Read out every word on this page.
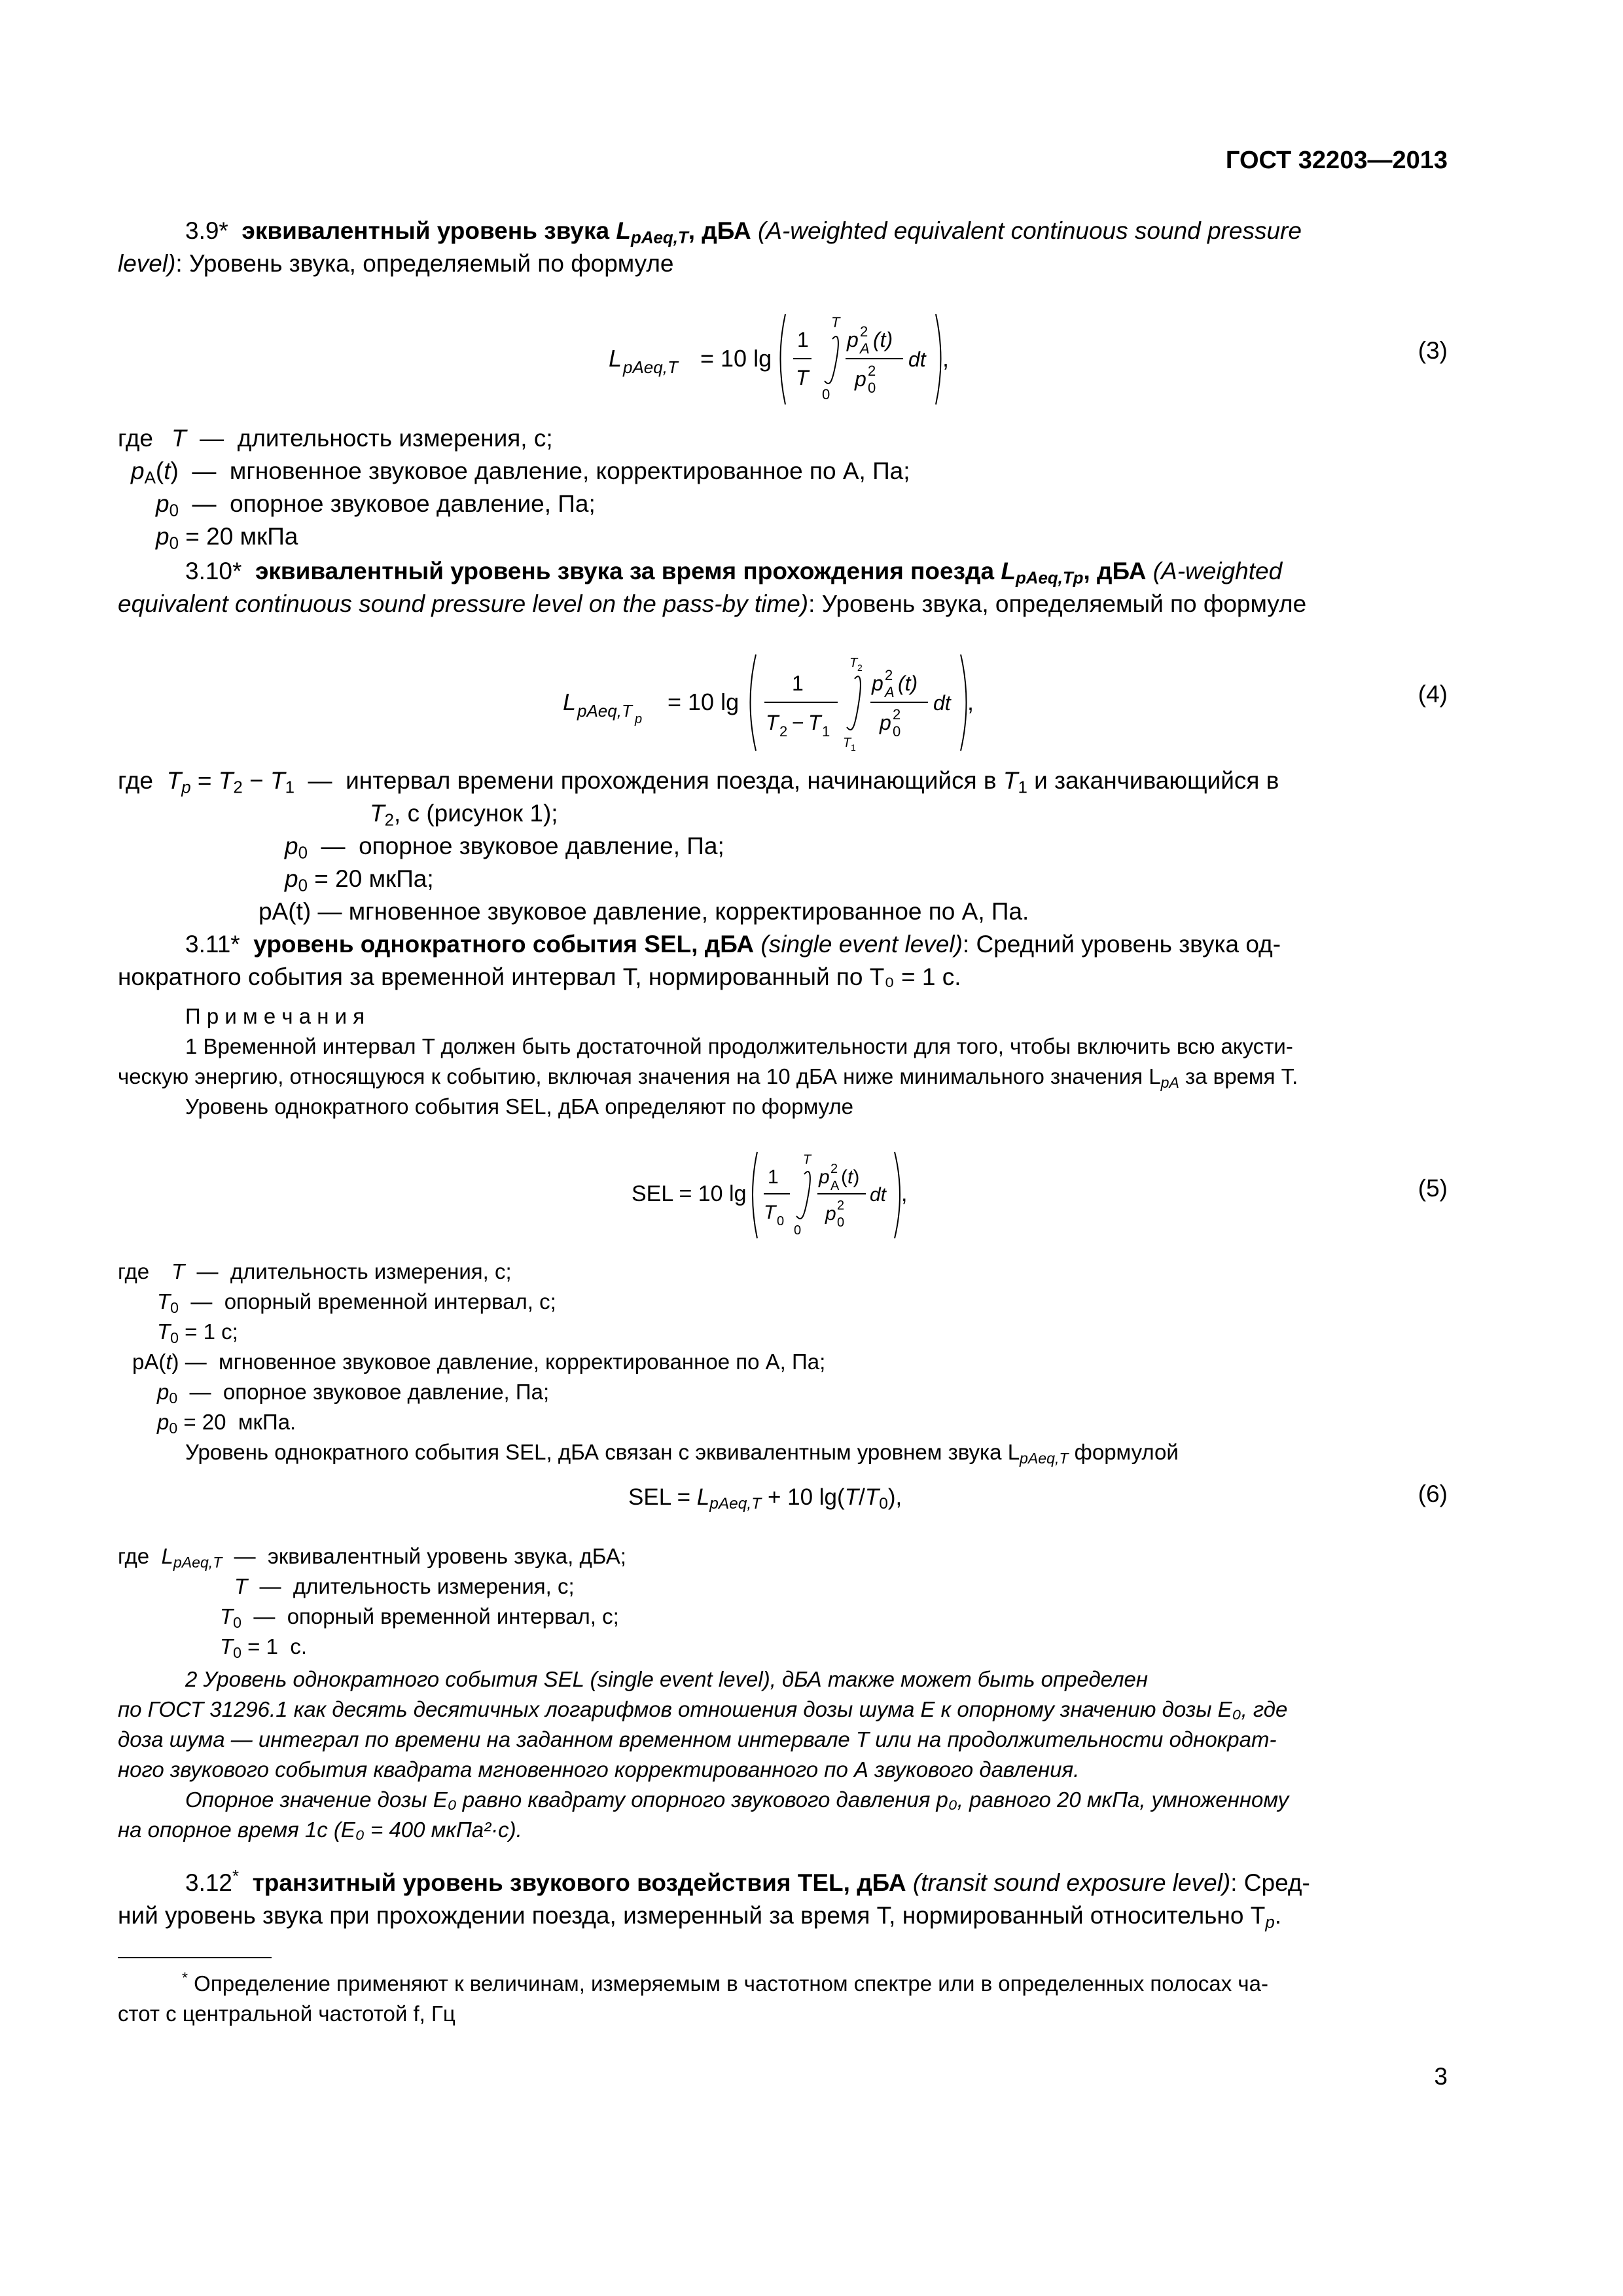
ГОСТ 32203—2013
3.9* эквивалентный уровень звука $L_{pAeq,T}$, дБА (A-weighted equivalent continuous sound pressure
level): Уровень звука, определяемый по формуле
L pAeq,T = 10 lg
1
T
T
0
p 2
A (t)
p 2
0
dt ,	(3)
где T  —  длительность измерения, с;
$p_A(t)$  —  мгновенное звуковое давление, корректированное по А, Па;
$p_0$  —  опорное звуковое давление, Па;
$p_0 = 20$ мкПа
3.10* эквивалентный уровень звука за время прохождения поезда $L_{pAeq,Tp}$, дБА (A-weighted
equivalent continuous sound pressure level on the pass-by time): Уровень звука, определяемый по формуле
L pAeq,T p
= 10 lg
1
T 2 − T 1
T 2
T 1
p 2
A (t)
p 2
0
dt ,	(4)
где $T_p = T_2 - T_1$  —  интервал времени прохождения поезда, начинающийся в $T_1$ и заканчивающийся в
$T_2$, с (рисунок 1);
$p_0$  —  опорное звуковое давление, Па;
$p_0 = 20$ мкПа;
pA(t) — мгновенное звуковое давление, корректированное по А, Па.
3.11* уровень однократного события SEL, дБА (single event level): Средний уровень звука од-
нократного события за временной интервал T, нормированный по T₀ = 1 с.
П р и м е ч а н и я
1 Временной интервал T должен быть достаточной продолжительности для того, чтобы включить всю акусти-
ческую энергию, относящуюся к событию, включая значения на 10 дБА ниже минимального значения $L_{pA}$ за время T.
Уровень однократного события SEL, дБА определяют по формуле
SEL = 10 lg
1
T 0
T
0
p 2
A (t)
p 2
0
dt ,	(5)
где T  —  длительность измерения, с;
$T_0$  —  опорный временной интервал, с;
$T_0 = 1$ с;
pA(t) —  мгновенное звуковое давление, корректированное по А, Па;
$p_0$  —  опорное звуковое давление, Па;
$p_0 = 20$  мкПа.
Уровень однократного события SEL, дБА связан с эквивалентным уровнем звука $L_{pAeq,T}$ формулой
SEL = $L_{pAeq,T} + 10$ $\lg(T/T_0)$,	(6)
где $L_{pAeq,T}$  —  эквивалентный уровень звука, дБА;
T  —  длительность измерения, с;
$T_0$  —  опорный временной интервал, с;
$T_0 = 1$  с.
2 Уровень однократного события SEL (single event level), дБА также может быть определен
по ГОСТ 31296.1 как десять десятичных логарифмов отношения дозы шума E к опорному значению дозы E₀, где
доза шума — интеграл по времени на заданном временном интервале T или на продолжительности однократ-
ного звукового события квадрата мгновенного корректированного по А звукового давления.
Опорное значение дозы E₀ равно квадрату опорного звукового давления p₀, равного 20 мкПа, умноженному
на опорное время 1c (E₀ = 400 мкПа²·с).
3.12* транзитный уровень звукового воздействия TEL, дБА (transit sound exposure level): Сред-
ний уровень звука при прохождении поезда, измеренный за время T, нормированный относительно $T_p$.
* Определение применяют к величинам, измеряемым в частотном спектре или в определенных полосах ча-
стот с центральной частотой f, Гц
3
